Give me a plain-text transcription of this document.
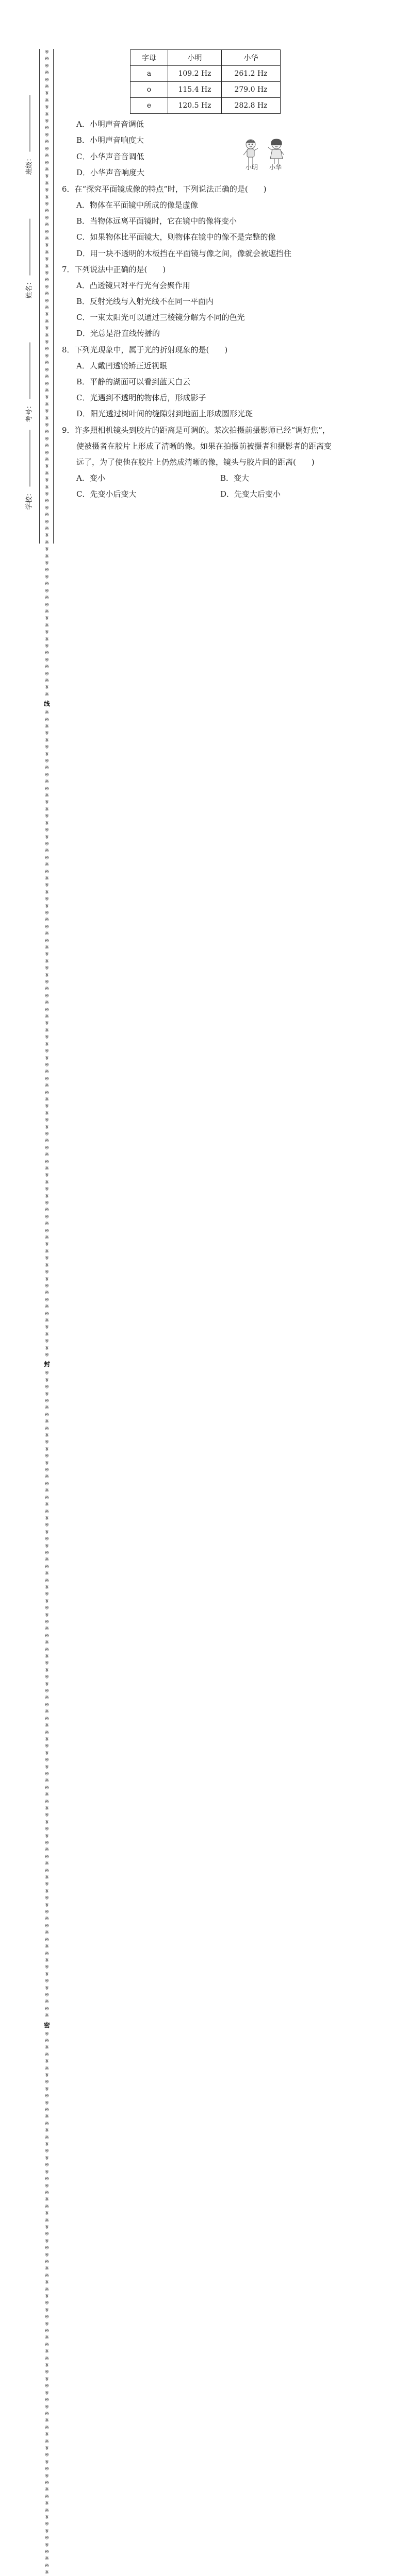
※※※※※※※※※※※※※※※※※※※※※※※※※※※※※※※※※※※※※※※※※※※※※※※※※※※※※※※※※※※※※※※※※※※※※※※※※※※※※※※※※※※※※※※※※※※※※※
线
※※※※※※※※※※※※※※※※※※※※※※※※※※※※※※※※※※※※※※※※※※※※※※※※※※※※※※※※※※※※※※※※※※※※※※※※※※※※※※※※※※※※※※※※※※※※※※
封
※※※※※※※※※※※※※※※※※※※※※※※※※※※※※※※※※※※※※※※※※※※※※※※※※※※※※※※※※※※※※※※※※※※※※※※※※※※※※※※※※※※※※※※※※※※※※※
密
※※※※※※※※※※※※※※※※※※※※※※※※※※※※※※※※※※※※※※※※※※※※※※※※※※※※※※※※※※※※※※※※※※※※※※※※※※※※※※※
班级：
姓名：
考号：
学校：
字母	小明	小华
a	109.2 Hz	261.2 Hz
o	115.4 Hz	279.0 Hz
e	120.5 Hz	282.8 Hz
A．小明声音音调低
B．小明声音响度大
C．小华声音音调低
D．小华声音响度大
小明 小华
6．在“探究平面镜成像的特点”时，下列说法正确的是(　　)
A．物体在平面镜中所成的像是虚像
B．当物体远离平面镜时，它在镜中的像将变小
C．如果物体比平面镜大，则物体在镜中的像不是完整的像
D．用一块不透明的木板挡在平面镜与像之间，像就会被遮挡住
7．下列说法中正确的是(　　)
A．凸透镜只对平行光有会聚作用
B．反射光线与入射光线不在同一平面内
C．一束太阳光可以通过三棱镜分解为不同的色光
D．光总是沿直线传播的
8．下列光现象中，属于光的折射现象的是(　　)
A．人戴凹透镜矫正近视眼
B．平静的湖面可以看到蓝天白云
C．光遇到不透明的物体后，形成影子
D．阳光透过树叶间的缝隙射到地面上形成圆形光斑
9．许多照相机镜头到胶片的距离是可调的。某次拍摄前摄影师已经“调好焦”，
使被摄者在胶片上形成了清晰的像。如果在拍摄前被摄者和摄影者的距离变
远了，为了使他在胶片上仍然成清晰的像，镜头与胶片间的距离(　　)
A．变小	B．变大
C．先变小后变大	D．先变大后变小
